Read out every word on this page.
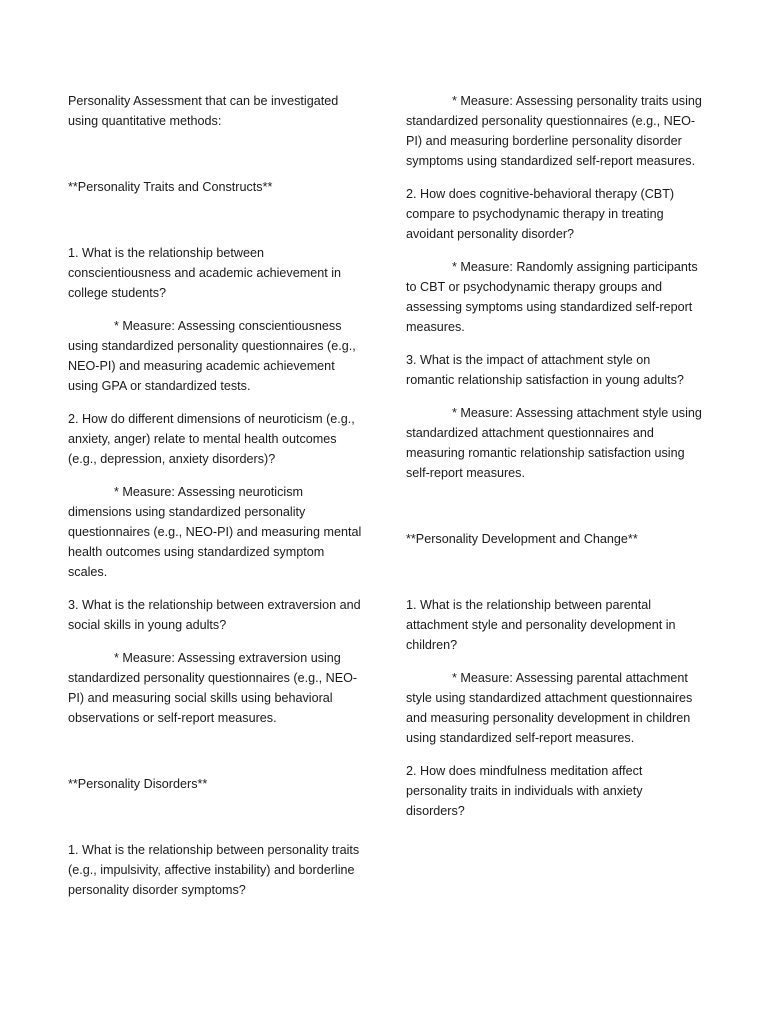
Personality Assessment that can be investigated using quantitative methods:

**Personality Traits and Constructs**

1. What is the relationship between conscientiousness and academic achievement in college students?

* Measure: Assessing conscientiousness using standardized personality questionnaires (e.g., NEO-PI) and measuring academic achievement using GPA or standardized tests.

2. How do different dimensions of neuroticism (e.g., anxiety, anger) relate to mental health outcomes (e.g., depression, anxiety disorders)?

* Measure: Assessing neuroticism dimensions using standardized personality questionnaires (e.g., NEO-PI) and measuring mental health outcomes using standardized symptom scales.

3. What is the relationship between extraversion and social skills in young adults?

* Measure: Assessing extraversion using standardized personality questionnaires (e.g., NEO-PI) and measuring social skills using behavioral observations or self-report measures.

**Personality Disorders**

1. What is the relationship between personality traits (e.g., impulsivity, affective instability) and borderline personality disorder symptoms?

* Measure: Assessing personality traits using standardized personality questionnaires (e.g., NEO-PI) and measuring borderline personality disorder symptoms using standardized self-report measures.

2. How does cognitive-behavioral therapy (CBT) compare to psychodynamic therapy in treating avoidant personality disorder?

* Measure: Randomly assigning participants to CBT or psychodynamic therapy groups and assessing symptoms using standardized self-report measures.

3. What is the impact of attachment style on romantic relationship satisfaction in young adults?

* Measure: Assessing attachment style using standardized attachment questionnaires and measuring romantic relationship satisfaction using self-report measures.

**Personality Development and Change**

1. What is the relationship between parental attachment style and personality development in children?

* Measure: Assessing parental attachment style using standardized attachment questionnaires and measuring personality development in children using standardized self-report measures.

2. How does mindfulness meditation affect personality traits in individuals with anxiety disorders?
